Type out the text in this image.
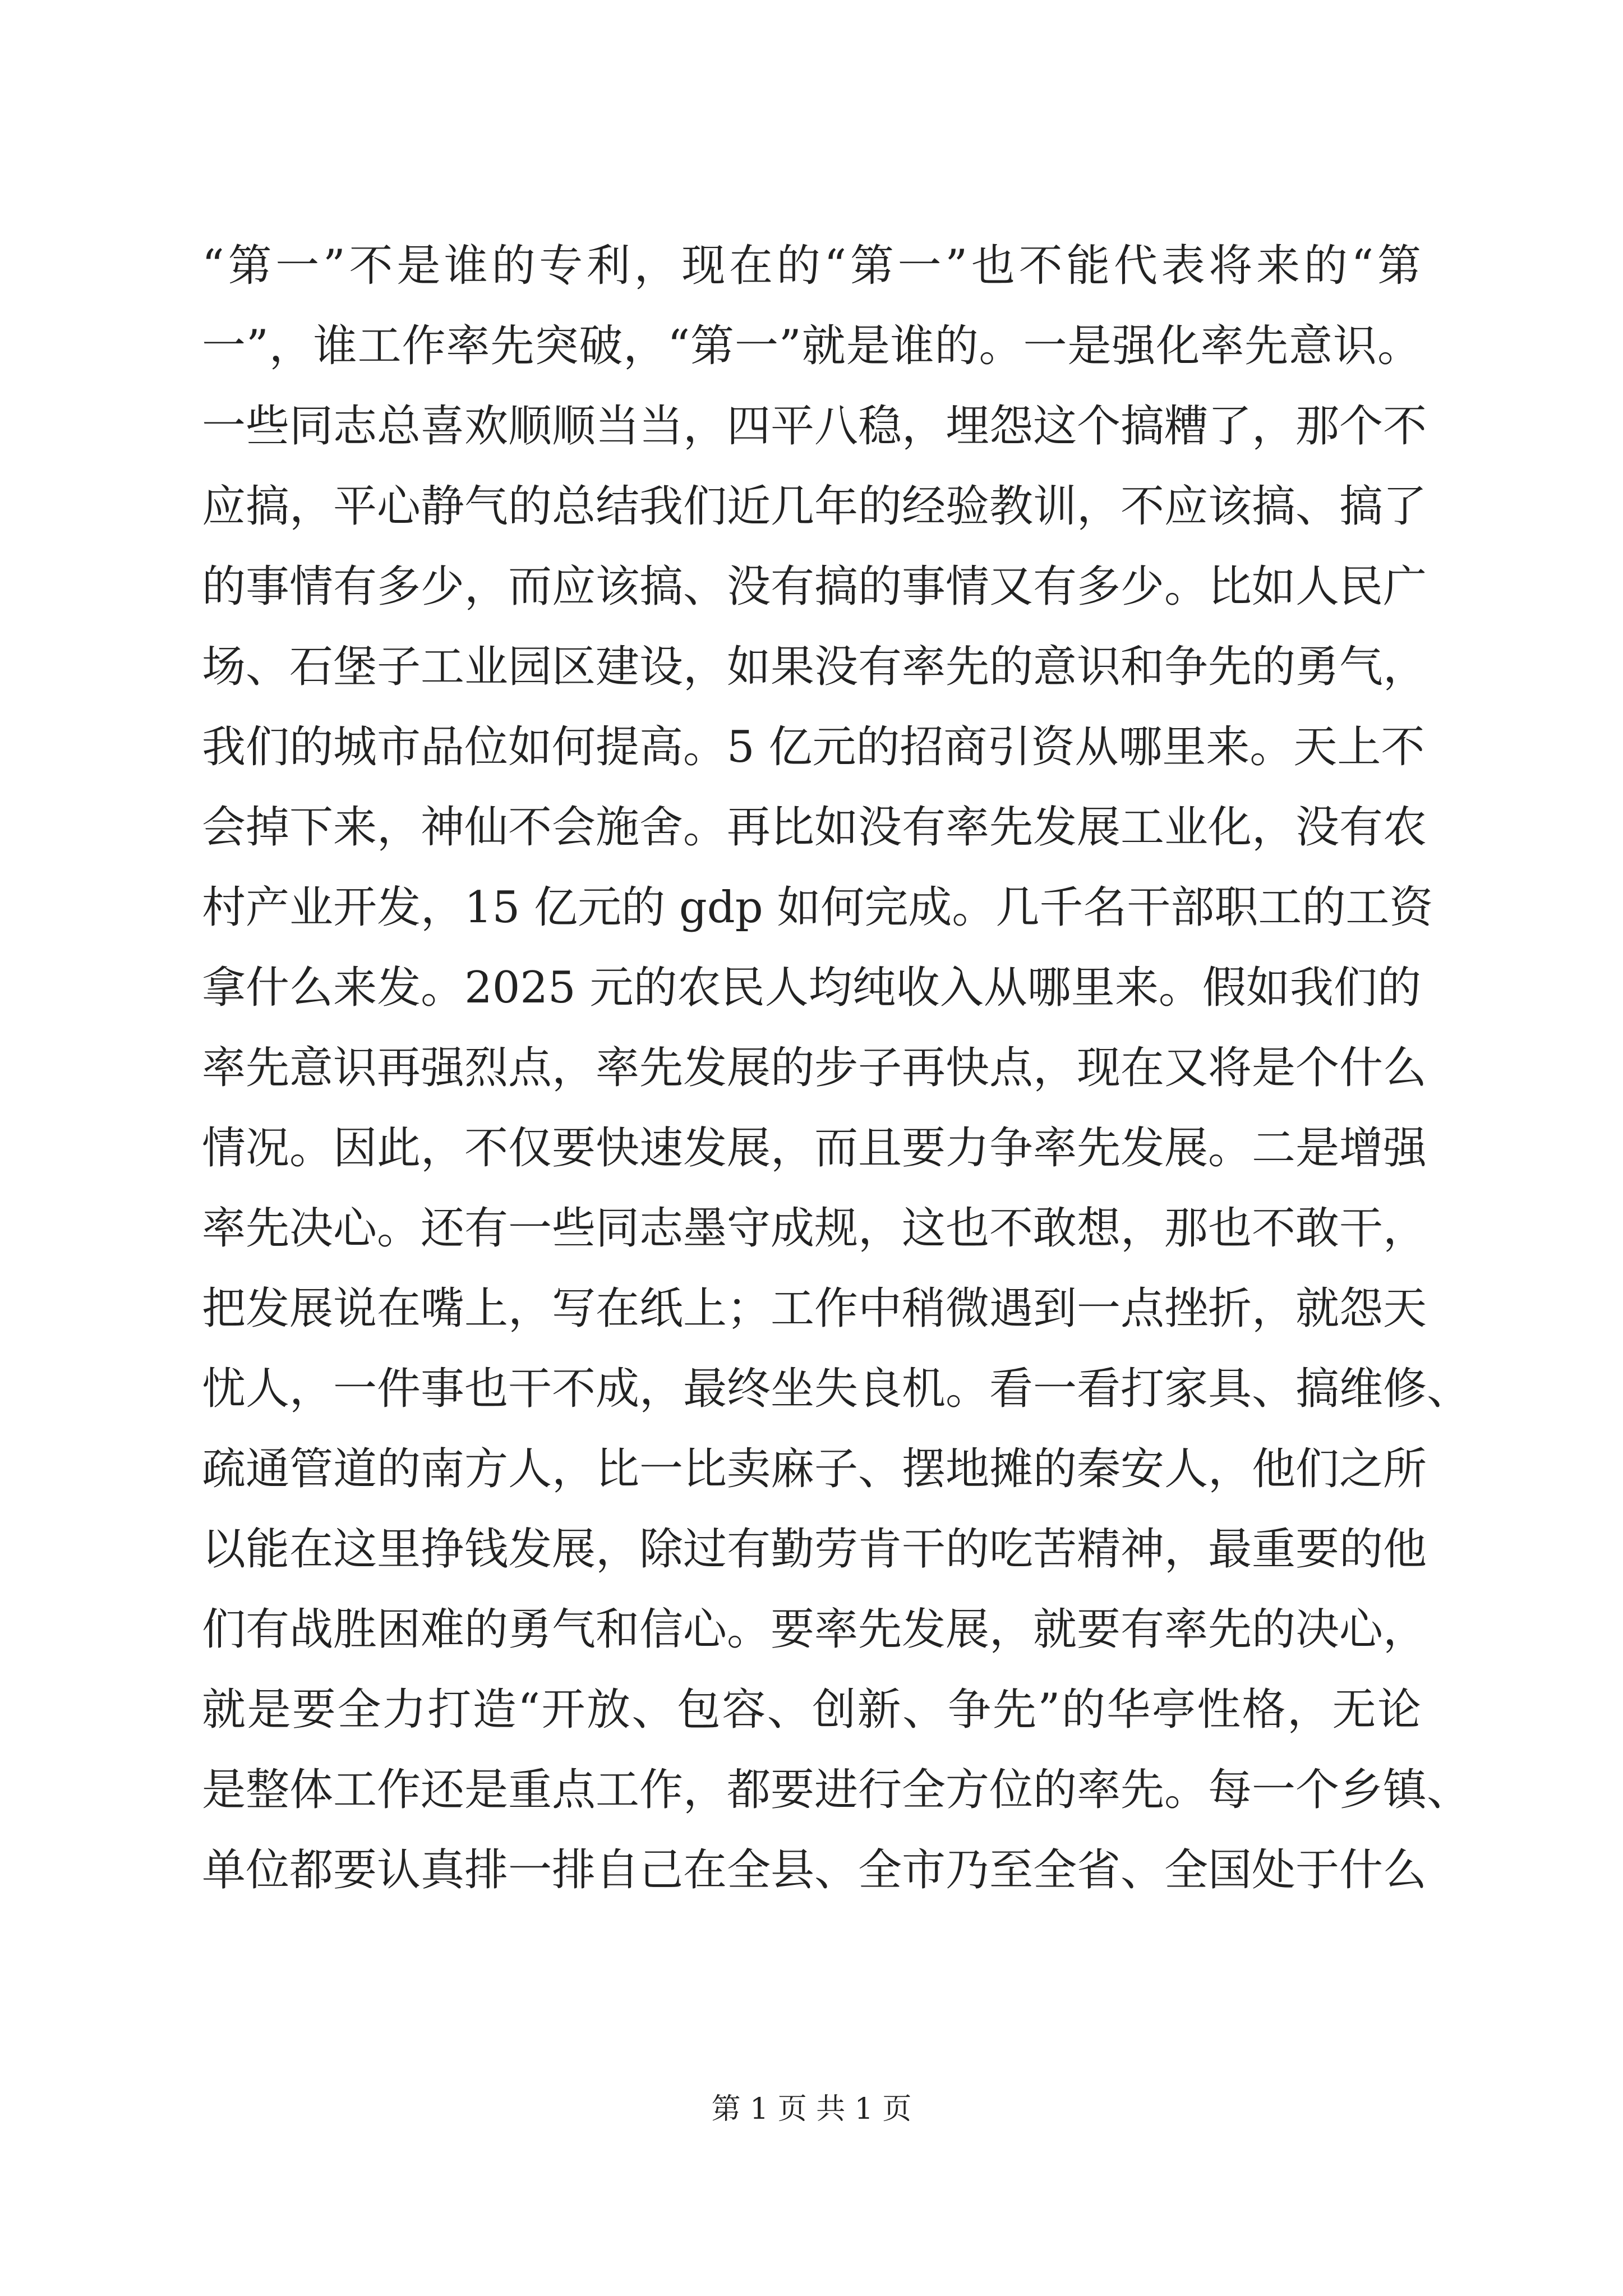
“第一”不是谁的专利，现在的“第一”也不能代表将来的“第
一”，谁工作率先突破，“第一”就是谁的。一是强化率先意识。
一些同志总喜欢顺顺当当，四平八稳，埋怨这个搞糟了，那个不
应搞，平心静气的总结我们近几年的经验教训，不应该搞、搞了
的事情有多少，而应该搞、没有搞的事情又有多少。比如人民广
场、石堡子工业园区建设，如果没有率先的意识和争先的勇气，
我们的城市品位如何提高。5 亿元的招商引资从哪里来。天上不
会掉下来，神仙不会施舍。再比如没有率先发展工业化，没有农
村产业开发，15 亿元的 gdp 如何完成。几千名干部职工的工资
拿什么来发。2025 元的农民人均纯收入从哪里来。假如我们的
率先意识再强烈点，率先发展的步子再快点，现在又将是个什么
情况。因此，不仅要快速发展，而且要力争率先发展。二是增强
率先决心。还有一些同志墨守成规，这也不敢想，那也不敢干，
把发展说在嘴上，写在纸上；工作中稍微遇到一点挫折，就怨天
忧人，一件事也干不成，最终坐失良机。看一看打家具、搞维修、
疏通管道的南方人，比一比卖麻子、摆地摊的秦安人，他们之所
以能在这里挣钱发展，除过有勤劳肯干的吃苦精神，最重要的他
们有战胜困难的勇气和信心。要率先发展，就要有率先的决心，
就是要全力打造“开放、包容、创新、争先”的华亭性格，无论
是整体工作还是重点工作，都要进行全方位的率先。每一个乡镇、
单位都要认真排一排自己在全县、全市乃至全省、全国处于什么
第 1 页 共 1 页
